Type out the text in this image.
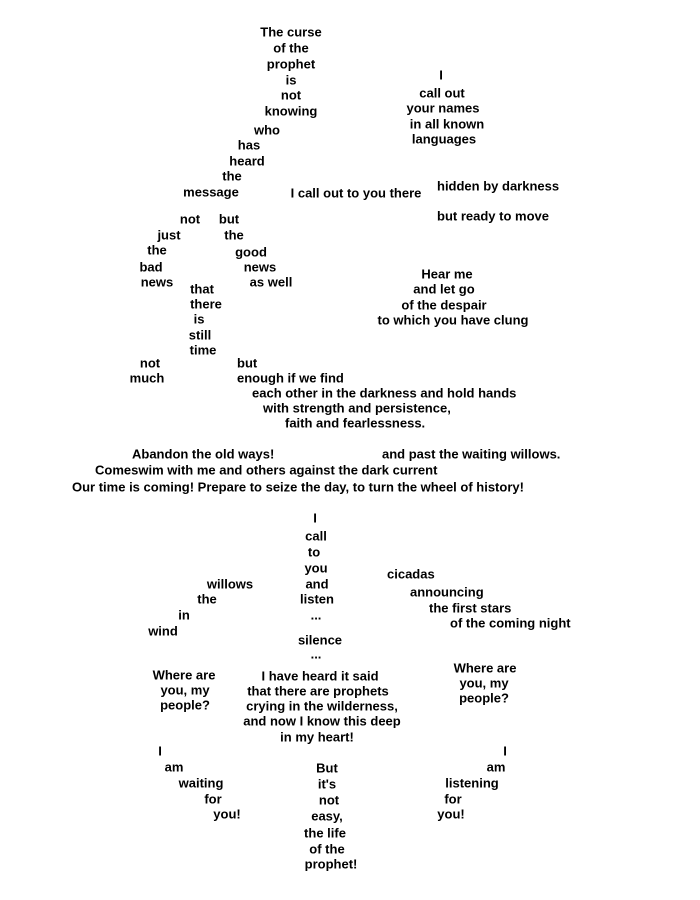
The curse
of the
prophet
is
not
knowing
who
has
heard
the
message	I call out to you there
I
call out
your names
in all known
languages
hidden by darkness
but ready to move
not
just
the
bad
news
but
the
good
news
as well
that
there
is
still
time
Hear me
and let go
of the despair
to which you have clung
not
much
but
enough if we find
each other in the darkness and hold hands
with strength and persistence,
faith and fearlessness.
Abandon the old ways!	and past the waiting willows.
Comeswim with me and others against the dark current
Our time is coming! Prepare to seize the day, to turn the wheel of history!
I
call
to
you
and
listen
...
silence
...
willows
the
in
wind
cicadas
announcing
the first stars
of the coming night
Where are
you, my
people?
I have heard it said
that there are prophets
crying in the wilderness,
and now I know this deep
in my heart!
Where are
you, my
people?
I
am
waiting
for
you!
I
am
listening
for
you!
But
it's
not
easy,
the life
of the
prophet!
